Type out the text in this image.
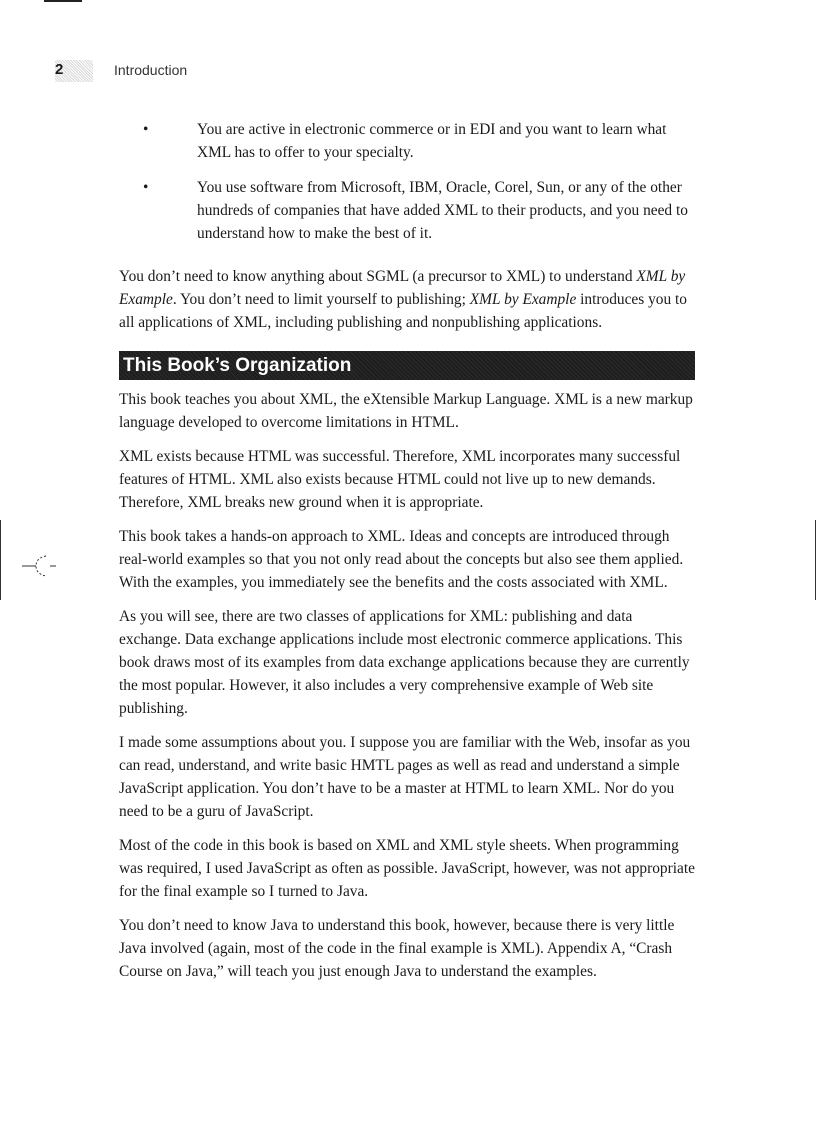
2	Introduction
•	You are active in electronic commerce or in EDI and you want to learn what XML has to offer to your specialty.
•	You use software from Microsoft, IBM, Oracle, Corel, Sun, or any of the other hundreds of companies that have added XML to their products, and you need to understand how to make the best of it.

You don’t need to know anything about SGML (a precursor to XML) to understand XML by Example. You don’t need to limit yourself to publishing; XML by Example introduces you to all applications of XML, including publishing and nonpublishing applications.

This Book’s Organization

This book teaches you about XML, the eXtensible Markup Language. XML is a new markup language developed to overcome limitations in HTML.

XML exists because HTML was successful. Therefore, XML incorporates many successful features of HTML. XML also exists because HTML could not live up to new demands. Therefore, XML breaks new ground when it is appropriate.

This book takes a hands-on approach to XML. Ideas and concepts are introduced through real-world examples so that you not only read about the concepts but also see them applied. With the examples, you immediately see the benefits and the costs associated with XML.

As you will see, there are two classes of applications for XML: publishing and data exchange. Data exchange applications include most electronic commerce applications. This book draws most of its examples from data exchange applications because they are currently the most popular. However, it also includes a very comprehensive example of Web site publishing.

I made some assumptions about you. I suppose you are familiar with the Web, insofar as you can read, understand, and write basic HMTL pages as well as read and understand a simple JavaScript application. You don’t have to be a master at HTML to learn XML. Nor do you need to be a guru of JavaScript.

Most of the code in this book is based on XML and XML style sheets. When programming was required, I used JavaScript as often as possible. JavaScript, however, was not appropriate for the final example so I turned to Java.

You don’t need to know Java to understand this book, however, because there is very little Java involved (again, most of the code in the final example is XML). Appendix A, “Crash Course on Java,” will teach you just enough Java to understand the examples.
